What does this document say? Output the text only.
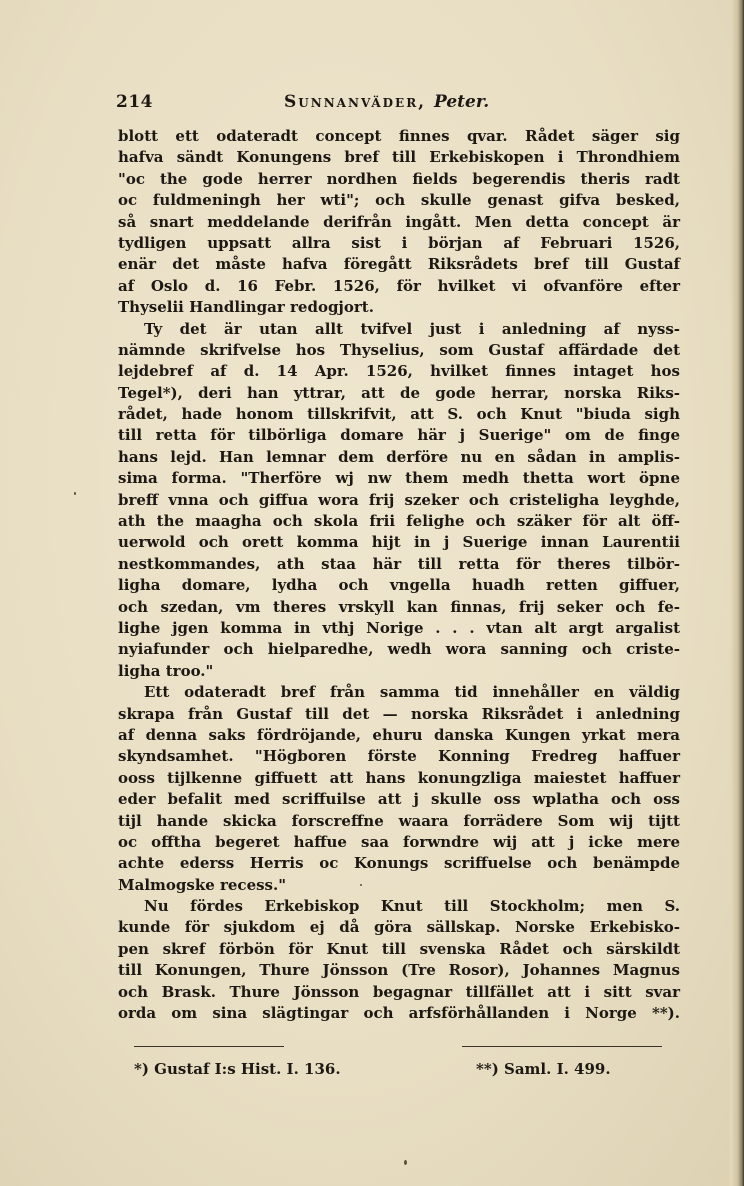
214	Sunnanväder, Peter.
blott ett odateradt concept finnes qvar. Rådet säger sig
hafva sändt Konungens bref till Erkebiskopen i Throndhiem
"oc the gode herrer nordhen fields begerendis theris radt
oc fuldmeningh her wti"; och skulle genast gifva besked,
så snart meddelande derifrån ingått. Men detta concept är
tydligen uppsatt allra sist i början af Februari 1526,
enär det måste hafva föregått Riksrådets bref till Gustaf
af Oslo d. 16 Febr. 1526, för hvilket vi ofvanföre efter
Thyselii Handlingar redogjort.
Ty det är utan allt tvifvel just i anledning af nyss-
nämnde skrifvelse hos Thyselius, som Gustaf affärdade det
lejdebref af d. 14 Apr. 1526, hvilket finnes intaget hos
Tegel*), deri han yttrar, att de gode herrar, norska Riks-
rådet, hade honom tillskrifvit, att S. och Knut "biuda sigh
till retta för tilbörliga domare här j Suerige" om de finge
hans lejd. Han lemnar dem derföre nu en sådan in amplis-
sima forma. "Therföre wj nw them medh thetta wort öpne
breff vnna och giffua wora frij szeker och cristeligha leyghde,
ath the maagha och skola frii felighe och szäker för alt öff-
uerwold och orett komma hijt in j Suerige innan Laurentii
nestkommandes, ath staa här till retta för theres tilbör-
ligha domare, lydha och vngella huadh retten giffuer,
och szedan, vm theres vrskyll kan finnas, frij seker och fe-
lighe jgen komma in vthj Norige . . . vtan alt argt argalist
nyiafunder och hielparedhe, wedh wora sanning och criste-
ligha troo."
Ett odateradt bref från samma tid innehåller en väldig
skrapa från Gustaf till det — norska Riksrådet i anledning
af denna saks fördröjande, ehuru danska Kungen yrkat mera
skyndsamhet. "Högboren förste Konning Fredreg haffuer
ooss tijlkenne giffuett att hans konungzliga maiestet haffuer
eder befalit med scriffuilse att j skulle oss wplatha och oss
tijl hande skicka forscreffne waara forrädere Som wij tijtt
oc offtha begeret haffue saa forwndre wij att j icke mere
achte ederss Herris oc Konungs scriffuelse och benämpde
Malmogske recess."
Nu fördes Erkebiskop Knut till Stockholm; men S.
kunde för sjukdom ej då göra sällskap. Norske Erkebisko-
pen skref förbön för Knut till svenska Rådet och särskildt
till Konungen, Thure Jönsson (Tre Rosor), Johannes Magnus
och Brask. Thure Jönsson begagnar tillfället att i sitt svar
orda om sina slägtingar och arfsförhållanden i Norge **).
*) Gustaf I:s Hist. I. 136.	**) Saml. I. 499.
